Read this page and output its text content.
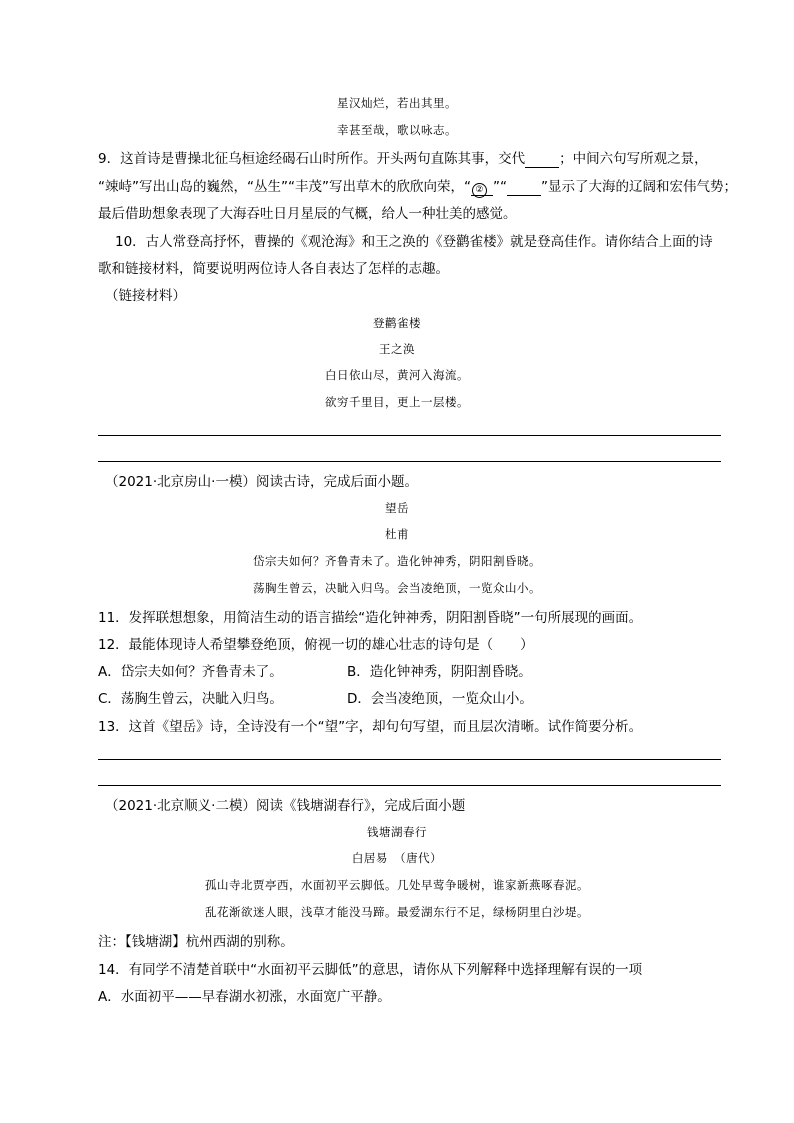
星汉灿烂，若出其里。
幸甚至哉，歌以咏志。
9．这首诗是曹操北征乌桓途经碣石山时所作。开头两句直陈其事，交代	；中间六句写所观之景，
“竦峙”写出山岛的巍然，“丛生”“丰茂”写出草木的欣欣向荣，“ ② ”“	”显示了大海的辽阔和宏伟气势；
最后借助想象表现了大海吞吐日月星辰的气概，给人一种壮美的感觉。
10．古人常登高抒怀，曹操的《观沧海》和王之涣的《登鹳雀楼》就是登高佳作。请你结合上面的诗
歌和链接材料，简要说明两位诗人各自表达了怎样的志趣。
（链接材料）
登鹳雀楼
王之涣
白日依山尽，黄河入海流。
欲穷千里目，更上一层楼。
（2021·北京房山·一模）阅读古诗，完成后面小题。
望岳
杜甫
岱宗夫如何？齐鲁青未了。造化钟神秀，阴阳割昏晓。
荡胸生曾云，决眦入归鸟。会当凌绝顶，一览众山小。
11．发挥联想想象，用简洁生动的语言描绘“造化钟神秀，阴阳割昏晓”一句所展现的画面。
12．最能体现诗人希望攀登绝顶，俯视一切的雄心壮志的诗句是（　　）
A．岱宗夫如何？齐鲁青未了。	B．造化钟神秀，阴阳割昏晓。
C．荡胸生曾云，决眦入归鸟。	D．会当凌绝顶，一览众山小。
13．这首《望岳》诗，全诗没有一个“望”字，却句句写望，而且层次清晰。试作简要分析。
（2021·北京顺义·二模）阅读《钱塘湖春行》，完成后面小题
钱塘湖春行
白居易　（唐代）
孤山寺北贾亭西，水面初平云脚低。几处早莺争暖树，谁家新燕啄春泥。
乱花渐欲迷人眼，浅草才能没马蹄。最爱湖东行不足，绿杨阴里白沙堤。
注：【钱塘湖】杭州西湖的别称。
14．有同学不清楚首联中“水面初平云脚低”的意思，请你从下列解释中选择理解有误的一项
A．水面初平——早春湖水初涨，水面宽广平静。
